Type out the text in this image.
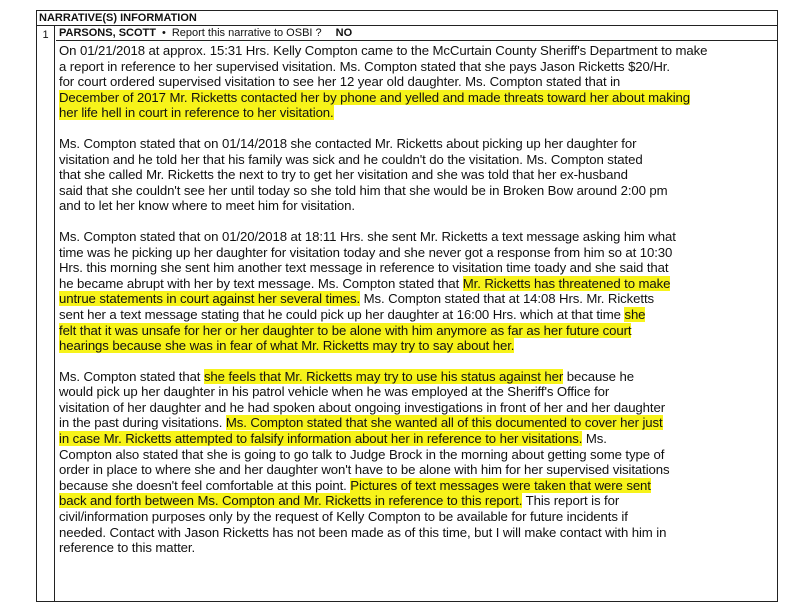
NARRATIVE(S) INFORMATION
1 PARSONS, SCOTT • Report this narrative to OSBI ? NO

On 01/21/2018 at approx. 15:31 Hrs. Kelly Compton came to the McCurtain County Sheriff's Department to make
a report in reference to her supervised visitation. Ms. Compton stated that she pays Jason Ricketts $20/Hr.
for court ordered supervised visitation to see her 12 year old daughter. Ms. Compton stated that in
December of 2017 Mr. Ricketts contacted her by phone and yelled and made threats toward her about making
her life hell in court in reference to her visitation.

Ms. Compton stated that on 01/14/2018 she contacted Mr. Ricketts about picking up her daughter for
visitation and he told her that his family was sick and he couldn't do the visitation. Ms. Compton stated
that she called Mr. Ricketts the next to try to get her visitation and she was told that her ex-husband
said that she couldn't see her until today so she told him that she would be in Broken Bow around 2:00 pm
and to let her know where to meet him for visitation.

Ms. Compton stated that on 01/20/2018 at 18:11 Hrs. she sent Mr. Ricketts a text message asking him what
time was he picking up her daughter for visitation today and she never got a response from him so at 10:30
Hrs. this morning she sent him another text message in reference to visitation time toady and she said that
he became abrupt with her by text message. Ms. Compton stated that Mr. Ricketts has threatened to make
untrue statements in court against her several times. Ms. Compton stated that at 14:08 Hrs. Mr. Ricketts
sent her a text message stating that he could pick up her daughter at 16:00 Hrs. which at that time she
felt that it was unsafe for her or her daughter to be alone with him anymore as far as her future court
hearings because she was in fear of what Mr. Ricketts may try to say about her.

Ms. Compton stated that she feels that Mr. Ricketts may try to use his status against her because he
would pick up her daughter in his patrol vehicle when he was employed at the Sheriff's Office for
visitation of her daughter and he had spoken about ongoing investigations in front of her and her daughter
in the past during visitations. Ms. Compton stated that she wanted all of this documented to cover her just
in case Mr. Ricketts attempted to falsify information about her in reference to her visitations. Ms.
Compton also stated that she is going to go talk to Judge Brock in the morning about getting some type of
order in place to where she and her daughter won't have to be alone with him for her supervised visitations
because she doesn't feel comfortable at this point. Pictures of text messages were taken that were sent
back and forth between Ms. Compton and Mr. Ricketts in reference to this report. This report is for
civil/information purposes only by the request of Kelly Compton to be available for future incidents if
needed. Contact with Jason Ricketts has not been made as of this time, but I will make contact with him in
reference to this matter.
